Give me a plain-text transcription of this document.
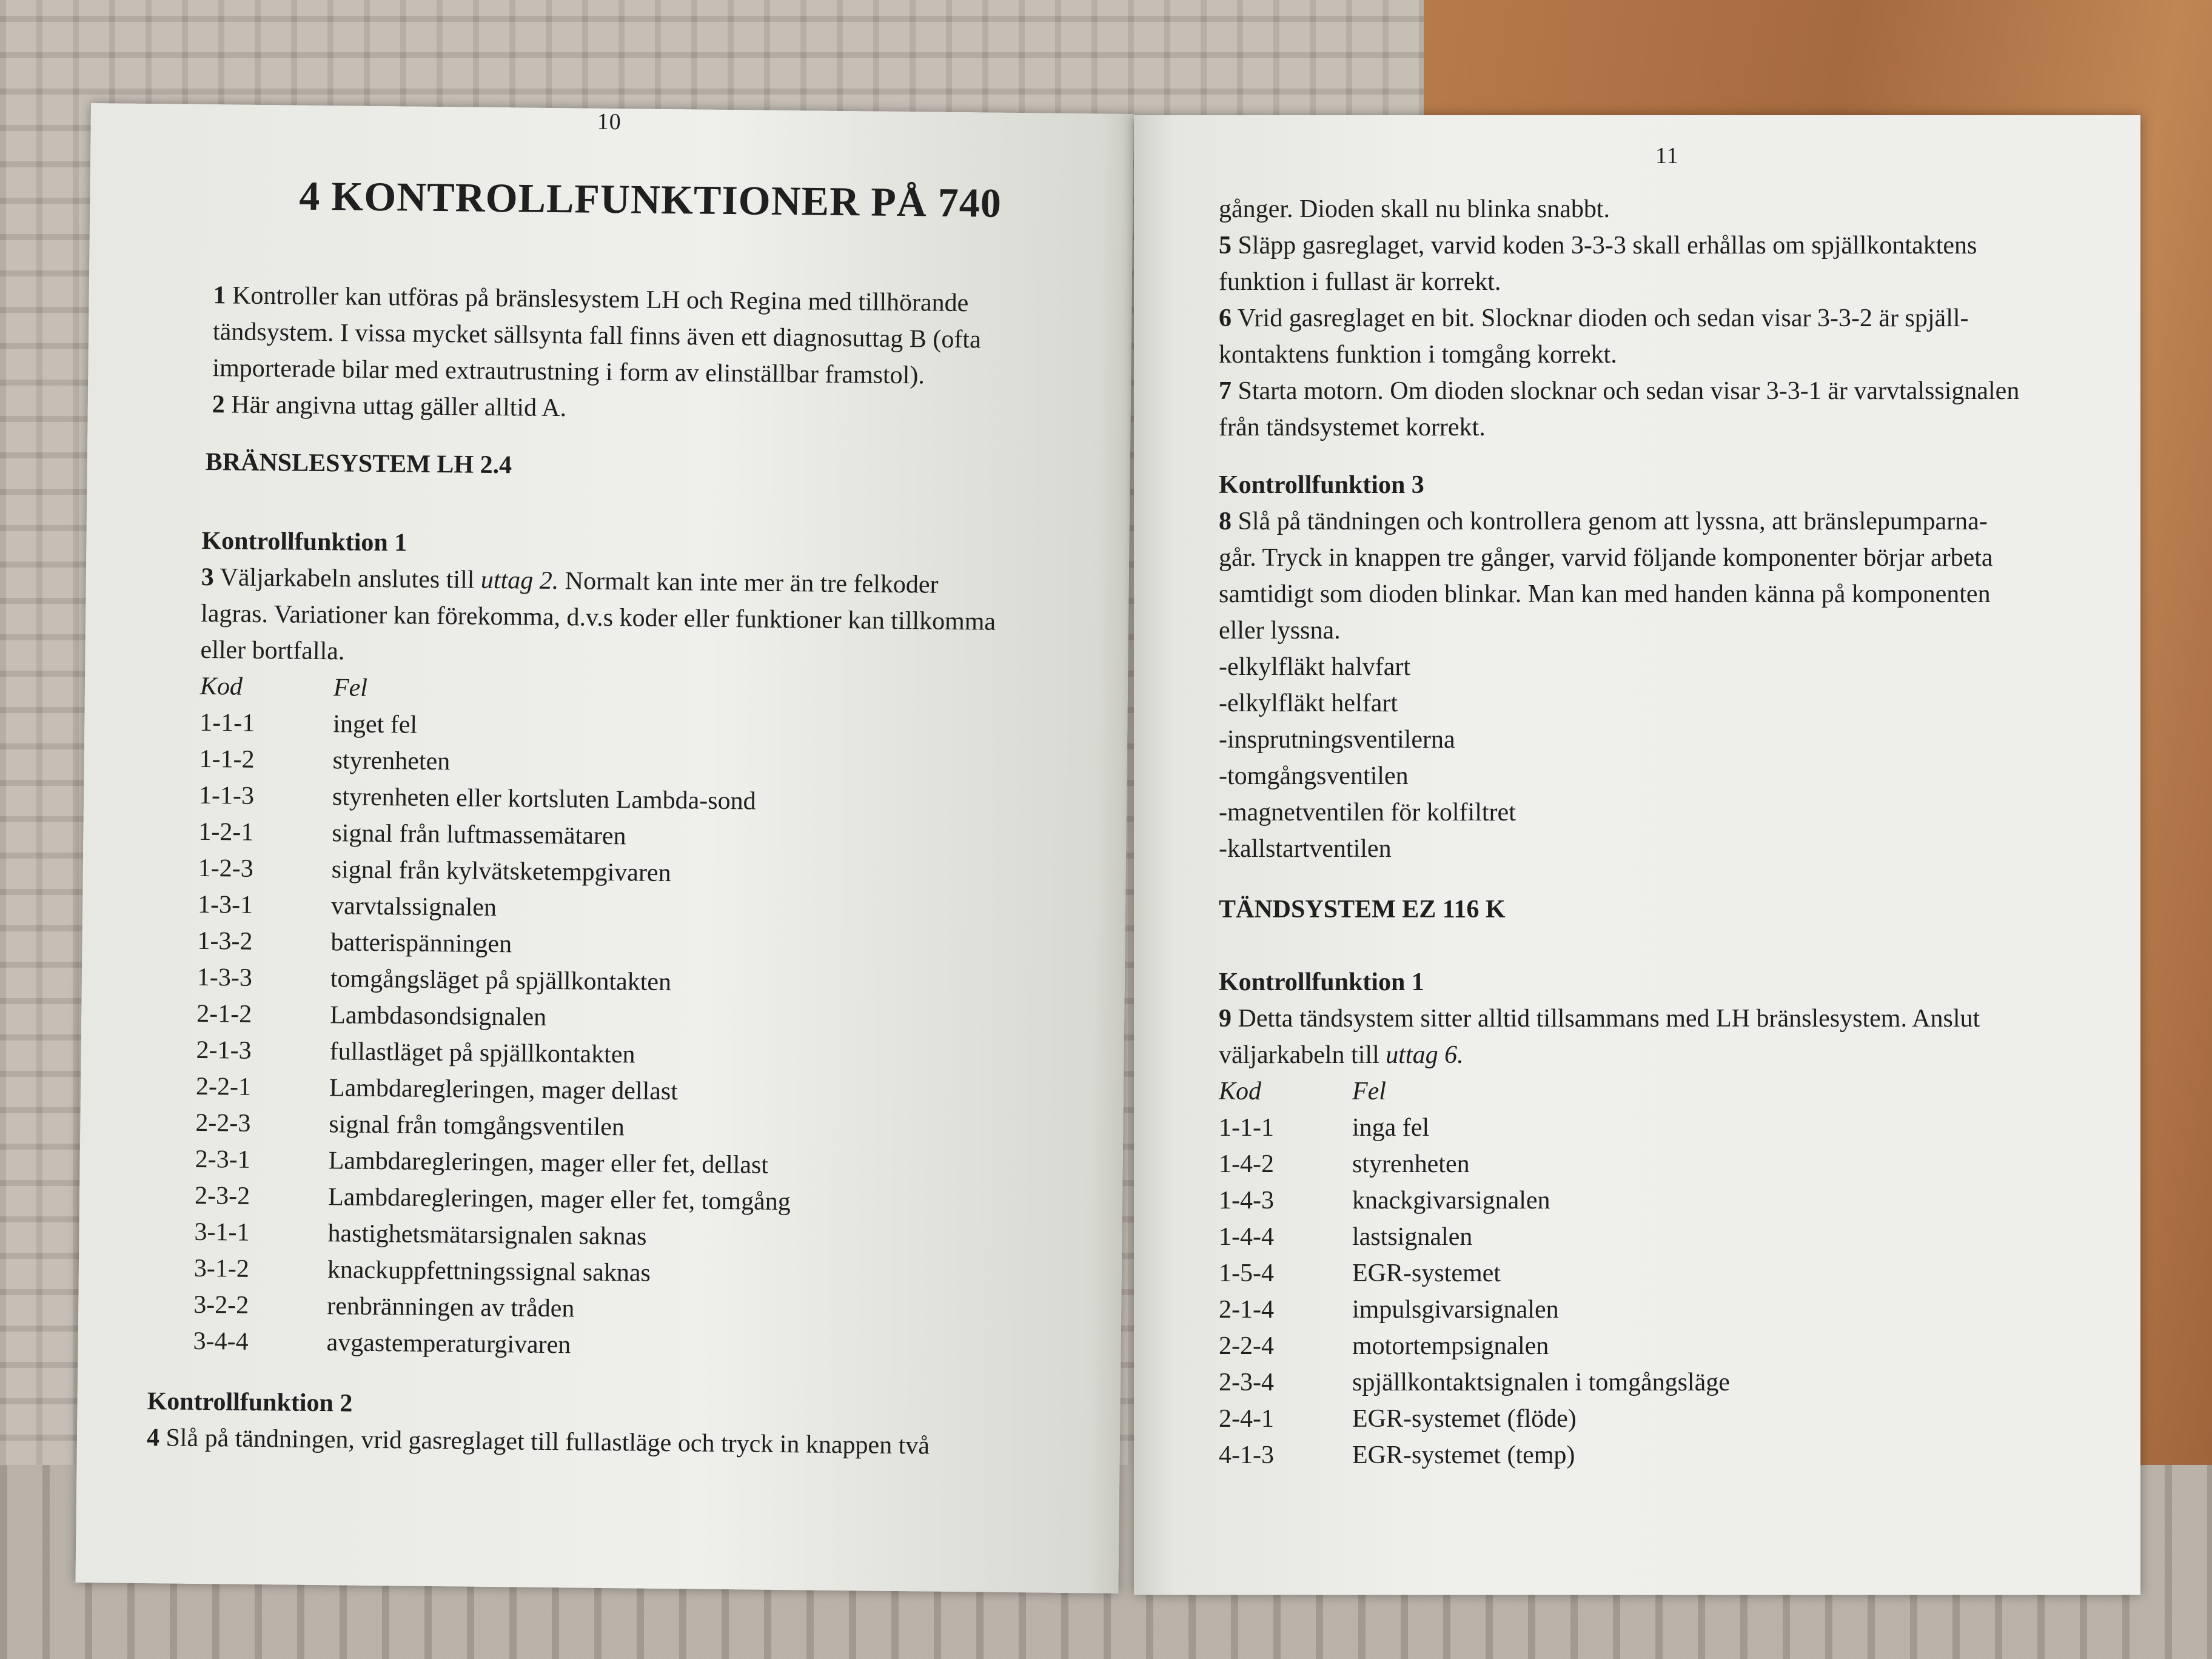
10
4 KONTROLLFUNKTIONER PÅ 740

1 Kontroller kan utföras på bränslesystem LH och Regina med tillhörande

tändsystem. I vissa mycket sällsynta fall finns även ett diagnosuttag B (ofta

importerade bilar med extrautrustning i form av elinställbar framstol).

2 Här angivna uttag gäller alltid A.

BRÄNSLESYSTEM LH 2.4

Kontrollfunktion 1

3 Väljarkabeln anslutes till uttag 2. Normalt kan inte mer än tre felkoder

lagras. Variationer kan förekomma, d.v.s koder eller funktioner kan tillkomma

eller bortfalla.

Kod	Fel
1-1-1	inget fel
1-1-2	styrenheten
1-1-3	styrenheten eller kortsluten Lambda-sond
1-2-1	signal från luftmassemätaren
1-2-3	signal från kylvätsketempgivaren
1-3-1	varvtalssignalen
1-3-2	batterispänningen
1-3-3	tomgångsläget på spjällkontakten
2-1-2	Lambdasondsignalen
2-1-3	fullastläget på spjällkontakten
2-2-1	Lambdaregleringen, mager dellast
2-2-3	signal från tomgångsventilen
2-3-1	Lambdaregleringen, mager eller fet, dellast
2-3-2	Lambdaregleringen, mager eller fet, tomgång
3-1-1	hastighetsmätarsignalen saknas
3-1-2	knackuppfettningssignal saknas
3-2-2	renbränningen av tråden
3-4-4	avgastemperaturgivaren

Kontrollfunktion 2

4 Slå på tändningen, vrid gasreglaget till fullastläge och tryck in knappen två

11

gånger. Dioden skall nu blinka snabbt.

5 Släpp gasreglaget, varvid koden 3-3-3 skall erhållas om spjällkontaktens

funktion i fullast är korrekt.

6 Vrid gasreglaget en bit. Slocknar dioden och sedan visar 3-3-2 är spjäll-

kontaktens funktion i tomgång korrekt.

7 Starta motorn. Om dioden slocknar och sedan visar 3-3-1 är varvtalssignalen

från tändsystemet korrekt.

Kontrollfunktion 3

8 Slå på tändningen och kontrollera genom att lyssna, att bränslepumparna-

går. Tryck in knappen tre gånger, varvid följande komponenter börjar arbeta

samtidigt som dioden blinkar. Man kan med handen känna på komponenten

eller lyssna.

-elkylfläkt halvfart

-elkylfläkt helfart

-insprutningsventilerna

-tomgångsventilen

-magnetventilen för kolfiltret

-kallstartventilen

TÄNDSYSTEM EZ 116 K

Kontrollfunktion 1

9 Detta tändsystem sitter alltid tillsammans med LH bränslesystem. Anslut

väljarkabeln till uttag 6.

Kod	Fel
1-1-1	inga fel
1-4-2	styrenheten
1-4-3	knackgivarsignalen
1-4-4	lastsignalen
1-5-4	EGR-systemet
2-1-4	impulsgivarsignalen
2-2-4	motortempsignalen
2-3-4	spjällkontaktsignalen i tomgångsläge
2-4-1	EGR-systemet (flöde)
4-1-3	EGR-systemet (temp)
